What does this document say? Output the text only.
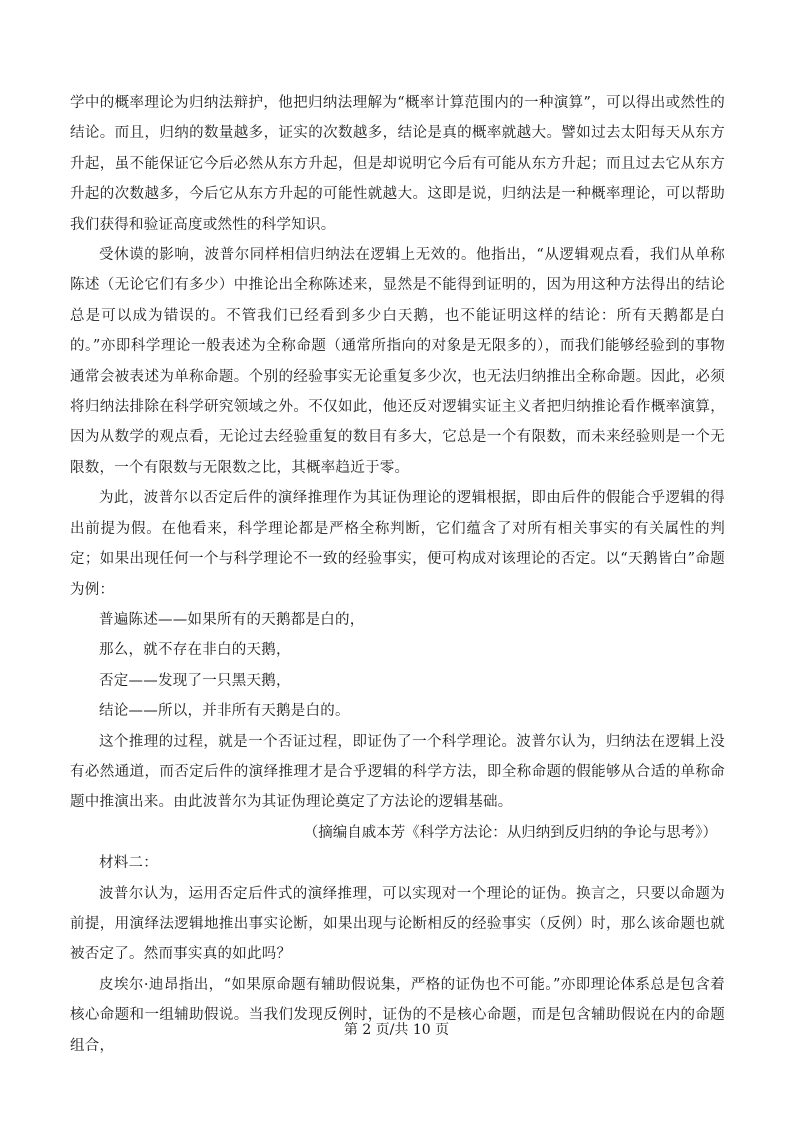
学中的概率理论为归纳法辩护，他把归纳法理解为“概率计算范围内的一种演算”，可以得出或然性的结论。而且，归纳的数量越多，证实的次数越多，结论是真的概率就越大。譬如过去太阳每天从东方升起，虽不能保证它今后必然从东方升起，但是却说明它今后有可能从东方升起；而且过去它从东方升起的次数越多，今后它从东方升起的可能性就越大。这即是说，归纳法是一种概率理论，可以帮助我们获得和验证高度或然性的科学知识。

受休谟的影响，波普尔同样相信归纳法在逻辑上无效的。他指出，“从逻辑观点看，我们从单称陈述（无论它们有多少）中推论出全称陈述来，显然是不能得到证明的，因为用这种方法得出的结论总是可以成为错误的。不管我们已经看到多少白天鹅，也不能证明这样的结论：所有天鹅都是白的。”亦即科学理论一般表述为全称命题（通常所指向的对象是无限多的），而我们能够经验到的事物通常会被表述为单称命题。个别的经验事实无论重复多少次，也无法归纳推出全称命题。因此，必须将归纳法排除在科学研究领域之外。不仅如此，他还反对逻辑实证主义者把归纳推论看作概率演算，因为从数学的观点看，无论过去经验重复的数目有多大，它总是一个有限数，而未来经验则是一个无限数，一个有限数与无限数之比，其概率趋近于零。

为此，波普尔以否定后件的演绎推理作为其证伪理论的逻辑根据，即由后件的假能合乎逻辑的得出前提为假。在他看来，科学理论都是严格全称判断，它们蕴含了对所有相关事实的有关属性的判定；如果出现任何一个与科学理论不一致的经验事实，便可构成对该理论的否定。以“天鹅皆白”命题为例：

普遍陈述——如果所有的天鹅都是白的，

那么，就不存在非白的天鹅，

否定——发现了一只黑天鹅，

结论——所以，并非所有天鹅是白的。

这个推理的过程，就是一个否证过程，即证伪了一个科学理论。波普尔认为，归纳法在逻辑上没有必然通道，而否定后件的演绎推理才是合乎逻辑的科学方法，即全称命题的假能够从合适的单称命题中推演出来。由此波普尔为其证伪理论奠定了方法论的逻辑基础。

（摘编自戚本芳《科学方法论：从归纳到反归纳的争论与思考》）

材料二：

波普尔认为，运用否定后件式的演绎推理，可以实现对一个理论的证伪。换言之，只要以命题为前提，用演绎法逻辑地推出事实论断，如果出现与论断相反的经验事实（反例）时，那么该命题也就被否定了。然而事实真的如此吗？

皮埃尔·迪昂指出，“如果原命题有辅助假说集，严格的证伪也不可能。”亦即理论体系总是包含着核心命题和一组辅助假说。当我们发现反例时，证伪的不是核心命题，而是包含辅助假说在内的命题组合，

第 2 页/共 10 页
